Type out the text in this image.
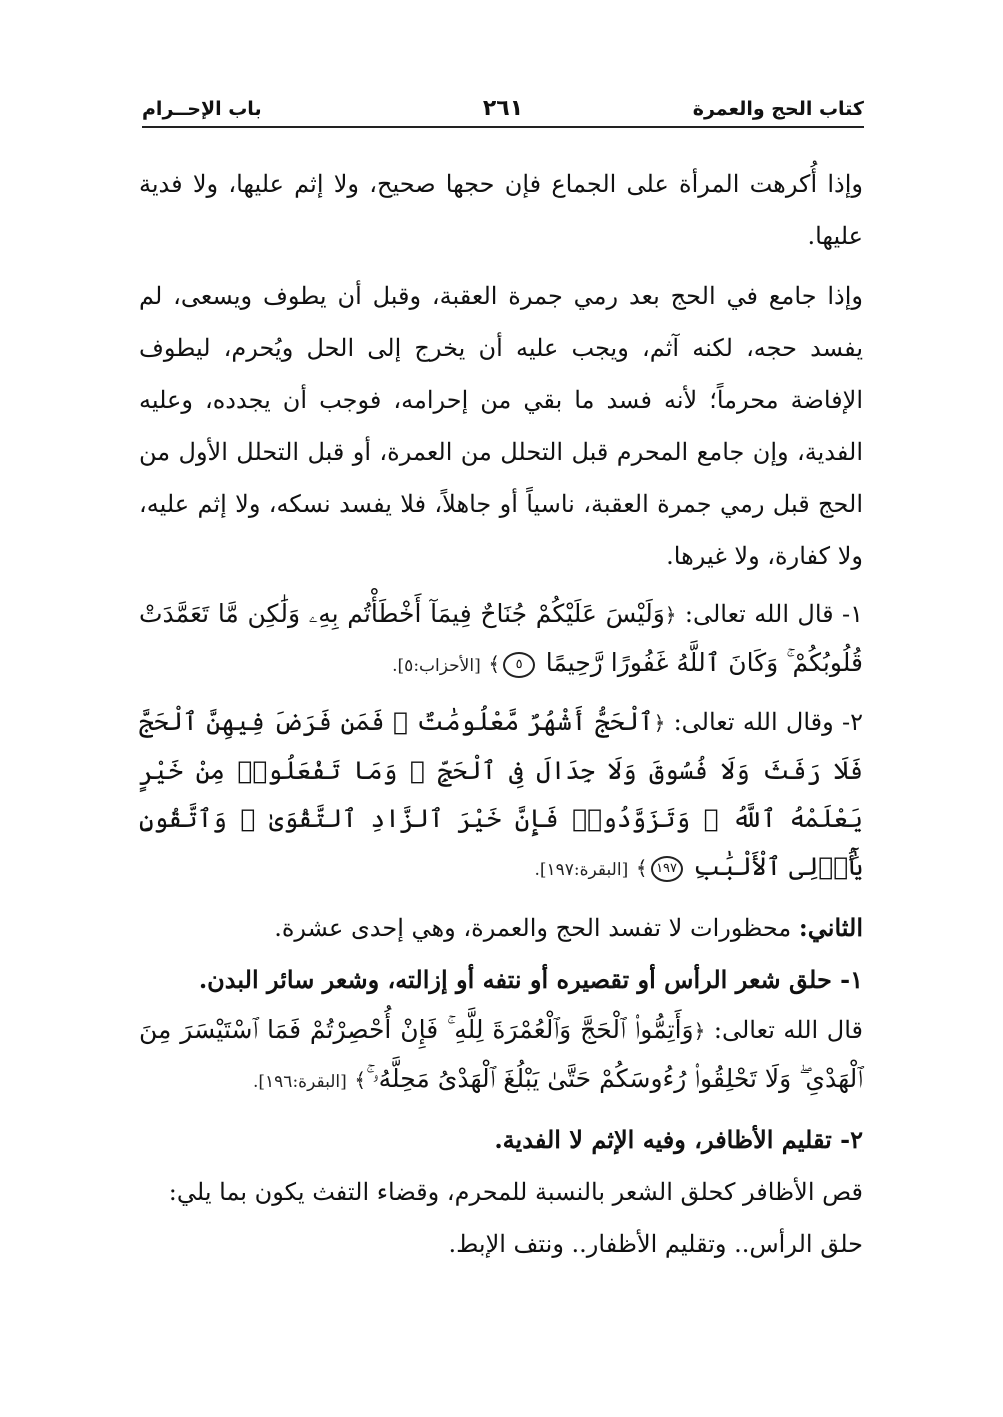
كتاب الحج والعمرة
٢٦١
باب الإحــرام

وإذا أُكرهت المرأة على الجماع فإن حجها صحيح، ولا إثم عليها، ولا فدية عليها.

وإذا جامع في الحج بعد رمي جمرة العقبة، وقبل أن يطوف ويسعى، لم يفسد حجه، لكنه آثم، ويجب عليه أن يخرج إلى الحل ويُحرم، ليطوف الإفاضة محرماً؛ لأنه فسد ما بقي من إحرامه، فوجب أن يجدده، وعليه الفدية، وإن جامع المحرم قبل التحلل من العمرة، أو قبل التحلل الأول من الحج قبل رمي جمرة العقبة، ناسياً أو جاهلاً، فلا يفسد نسكه، ولا إثم عليه، ولا كفارة، ولا غيرها.

١- قال الله تعالى: ﴿وَلَيْسَ عَلَيْكُمْ جُنَاحٌ فِيمَآ أَخْطَأْتُم بِهِۦ وَلَٰكِن مَّا تَعَمَّدَتْ قُلُوبُكُمْ ۚ وَكَانَ ٱللَّهُ غَفُورًا رَّحِيمًا ٥﴾ [الأحزاب:٥].

٢- وقال الله تعالى: ﴿ٱلْحَجُّ أَشْهُرٌ مَّعْلُومَٰتٌ ۚ فَمَن فَرَضَ فِيهِنَّ ٱلْحَجَّ فَلَا رَفَثَ وَلَا فُسُوقَ وَلَا جِدَالَ فِى ٱلْحَجِّ ۗ وَمَا تَفْعَلُوا۟ مِنْ خَيْرٍ يَعْلَمْهُ ٱللَّهُ ۗ وَتَزَوَّدُوا۟ فَإِنَّ خَيْرَ ٱلزَّادِ ٱلتَّقْوَىٰ ۚ وَٱتَّقُونِ يَٰٓأُو۟لِى ٱلْأَلْبَٰبِ ١٩٧﴾ [البقرة:١٩٧].

الثاني: محظورات لا تفسد الحج والعمرة، وهي إحدى عشرة.

١- حلق شعر الرأس أو تقصيره أو نتفه أو إزالته، وشعر سائر البدن.

قال الله تعالى: ﴿وَأَتِمُّوا۟ ٱلْحَجَّ وَٱلْعُمْرَةَ لِلَّهِ ۚ فَإِنْ أُحْصِرْتُمْ فَمَا ٱسْتَيْسَرَ مِنَ ٱلْهَدْىِ ۖ وَلَا تَحْلِقُوا۟ رُءُوسَكُمْ حَتَّىٰ يَبْلُغَ ٱلْهَدْىُ مَحِلَّهُۥ ۚ﴾ [البقرة:١٩٦].

٢- تقليم الأظافر، وفيه الإثم لا الفدية.

قص الأظافر كحلق الشعر بالنسبة للمحرم، وقضاء التفث يكون بما يلي:

حلق الرأس.. وتقليم الأظفار.. ونتف الإبط.
